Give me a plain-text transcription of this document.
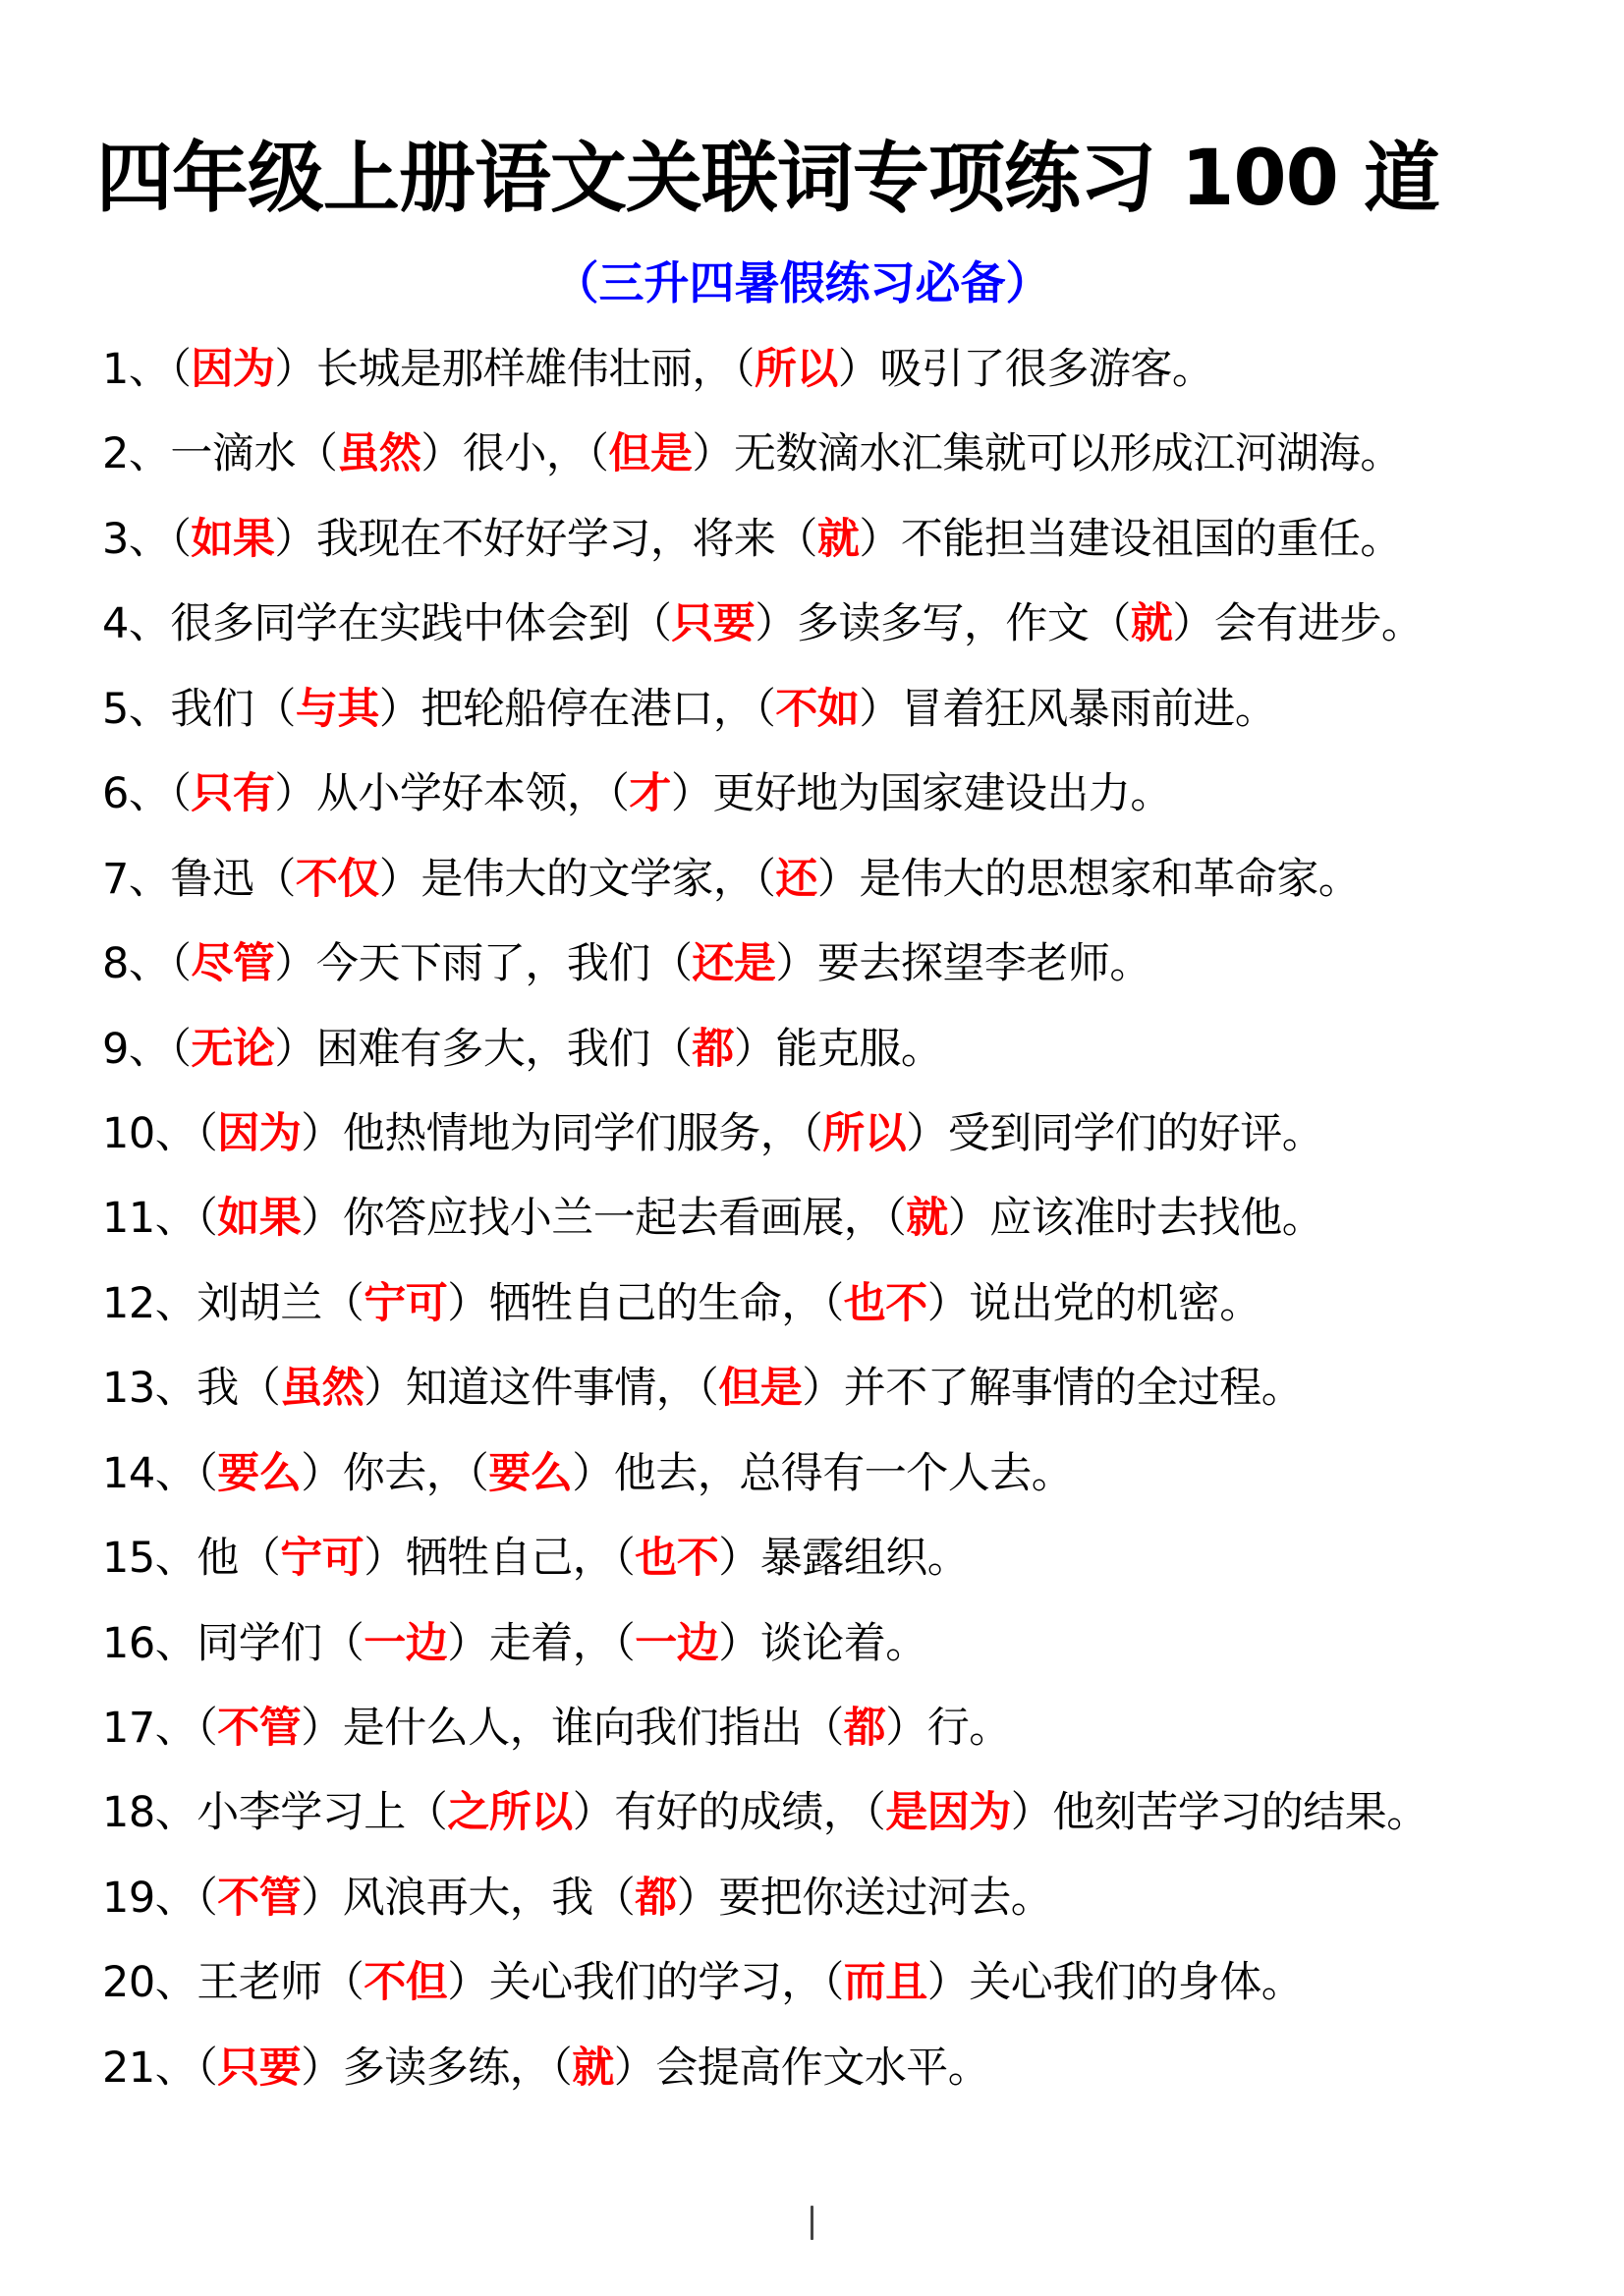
四年级上册语文关联词专项练习 100 道
（三升四暑假练习必备）
1、（因为）长城是那样雄伟壮丽，（所以）吸引了很多游客。
2、一滴水（虽然）很小，（但是）无数滴水汇集就可以形成江河湖海。
3、（如果）我现在不好好学习，将来（就）不能担当建设祖国的重任。
4、很多同学在实践中体会到（只要）多读多写，作文（就）会有进步。
5、我们（与其）把轮船停在港口，（不如）冒着狂风暴雨前进。
6、（只有）从小学好本领，（才）更好地为国家建设出力。
7、鲁迅（不仅）是伟大的文学家，（还）是伟大的思想家和革命家。
8、（尽管）今天下雨了，我们（还是）要去探望李老师。
9、（无论）困难有多大，我们（都）能克服。
10、（因为）他热情地为同学们服务，（所以）受到同学们的好评。
11、（如果）你答应找小兰一起去看画展，（就）应该准时去找他。
12、刘胡兰（宁可）牺牲自己的生命，（也不）说出党的机密。
13、我（虽然）知道这件事情，（但是）并不了解事情的全过程。
14、（要么）你去，（要么）他去，总得有一个人去。
15、他（宁可）牺牲自己，（也不）暴露组织。
16、同学们（一边）走着，（一边）谈论着。
17、（不管）是什么人，谁向我们指出（都）行。
18、小李学习上（之所以）有好的成绩，（是因为）他刻苦学习的结果。
19、（不管）风浪再大，我（都）要把你送过河去。
20、王老师（不但）关心我们的学习，（而且）关心我们的身体。
21、（只要）多读多练，（就）会提高作文水平。
